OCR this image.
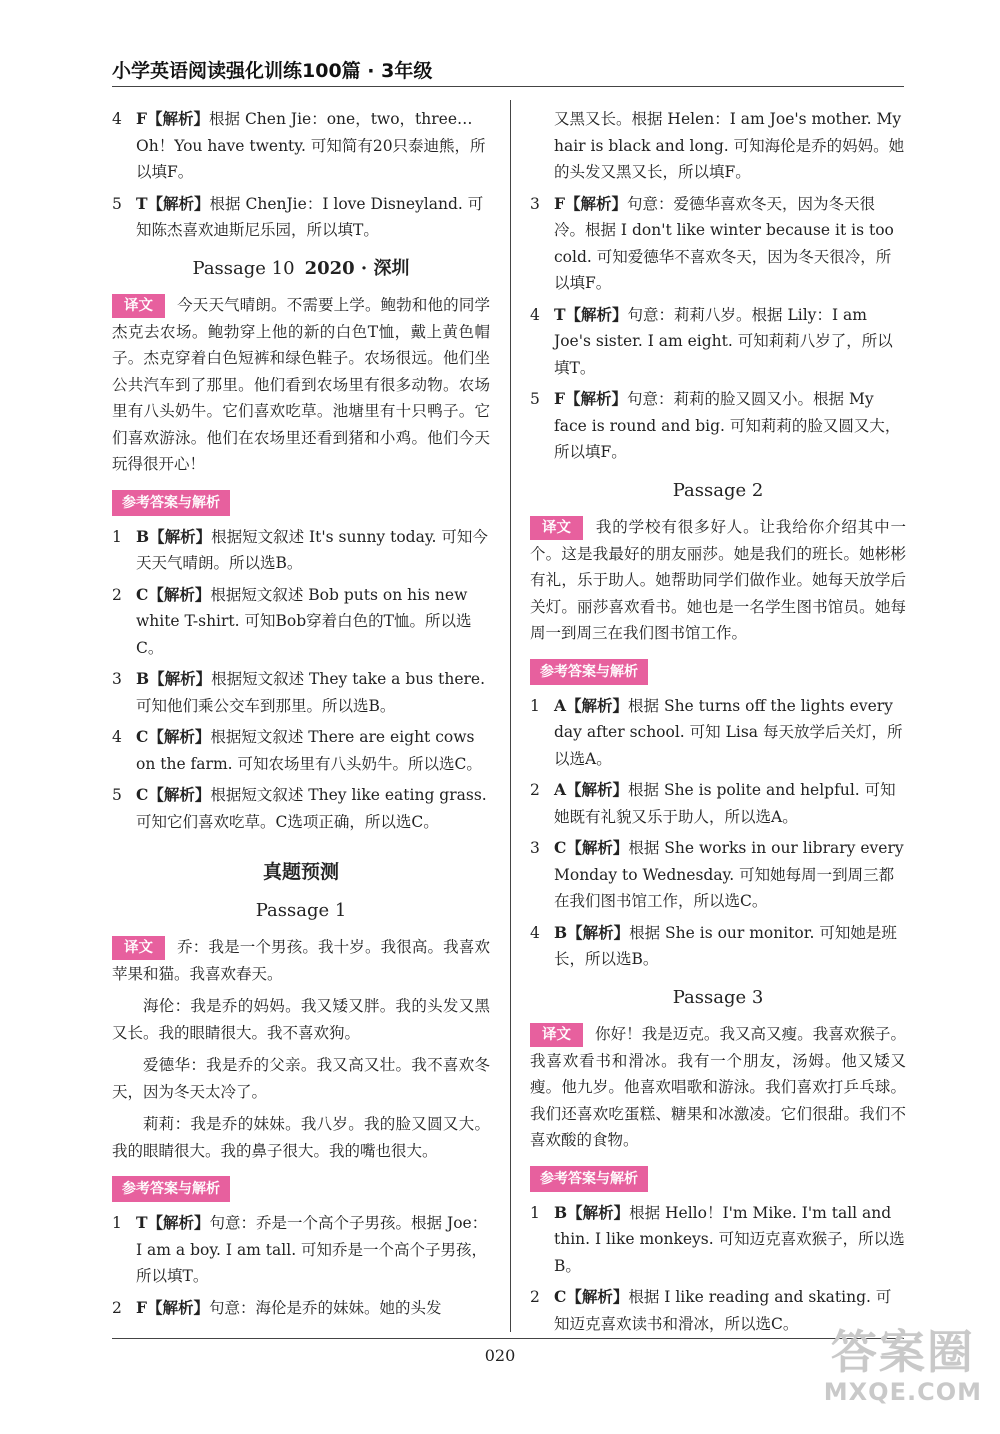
小学英语阅读强化训练100篇 · 3年级
4 F【解析】根据 Chen Jie：one，two，three… Oh！You have twenty. 可知简有20只泰迪熊，所以填F。
5 T【解析】根据 ChenJie：I love Disneyland. 可知陈杰喜欢迪斯尼乐园，所以填T。
Passage 10 2020 · 深圳
译文 今天天气晴朗。不需要上学。鲍勃和他的同学杰克去农场。鲍勃穿上他的新的白色T恤，戴上黄色帽子。杰克穿着白色短裤和绿色鞋子。农场很远。他们坐公共汽车到了那里。他们看到农场里有很多动物。农场里有八头奶牛。它们喜欢吃草。池塘里有十只鸭子。它们喜欢游泳。他们在农场里还看到猪和小鸡。他们今天玩得很开心！
参考答案与解析
1 B【解析】根据短文叙述 It's sunny today. 可知今天天气晴朗。所以选B。
2 C【解析】根据短文叙述 Bob puts on his new white T-shirt. 可知Bob穿着白色的T恤。所以选C。
3 B【解析】根据短文叙述 They take a bus there. 可知他们乘公交车到那里。所以选B。
4 C【解析】根据短文叙述 There are eight cows on the farm. 可知农场里有八头奶牛。所以选C。
5 C【解析】根据短文叙述 They like eating grass. 可知它们喜欢吃草。C选项正确，所以选C。
真题预测
Passage 1
译文 乔：我是一个男孩。我十岁。我很高。我喜欢苹果和猫。我喜欢春天。
海伦：我是乔的妈妈。我又矮又胖。我的头发又黑又长。我的眼睛很大。我不喜欢狗。
爱德华：我是乔的父亲。我又高又壮。我不喜欢冬天，因为冬天太冷了。
莉莉：我是乔的妹妹。我八岁。我的脸又圆又大。我的眼睛很大。我的鼻子很大。我的嘴也很大。
参考答案与解析
1 T【解析】句意：乔是一个高个子男孩。根据 Joe：I am a boy. I am tall. 可知乔是一个高个子男孩，所以填T。
2 F【解析】句意：海伦是乔的妹妹。她的头发
又黑又长。根据 Helen：I am Joe's mother. My hair is black and long. 可知海伦是乔的妈妈。她的头发又黑又长，所以填F。
3 F【解析】句意：爱德华喜欢冬天，因为冬天很冷。根据 I don't like winter because it is too cold. 可知爱德华不喜欢冬天，因为冬天很冷，所以填F。
4 T【解析】句意：莉莉八岁。根据 Lily：I am Joe's sister. I am eight. 可知莉莉八岁了，所以填T。
5 F【解析】句意：莉莉的脸又圆又小。根据 My face is round and big. 可知莉莉的脸又圆又大，所以填F。
Passage 2
译文 我的学校有很多好人。让我给你介绍其中一个。这是我最好的朋友丽莎。她是我们的班长。她彬彬有礼，乐于助人。她帮助同学们做作业。她每天放学后关灯。丽莎喜欢看书。她也是一名学生图书馆员。她每周一到周三在我们图书馆工作。
参考答案与解析
1 A【解析】根据 She turns off the lights every day after school. 可知 Lisa 每天放学后关灯，所以选A。
2 A【解析】根据 She is polite and helpful. 可知她既有礼貌又乐于助人，所以选A。
3 C【解析】根据 She works in our library every Monday to Wednesday. 可知她每周一到周三都在我们图书馆工作，所以选C。
4 B【解析】根据 She is our monitor. 可知她是班长，所以选B。
Passage 3
译文 你好！我是迈克。我又高又瘦。我喜欢猴子。我喜欢看书和滑冰。我有一个朋友，汤姆。他又矮又瘦。他九岁。他喜欢唱歌和游泳。我们喜欢打乒乓球。我们还喜欢吃蛋糕、糖果和冰激凌。它们很甜。我们不喜欢酸的食物。
参考答案与解析
1 B【解析】根据 Hello！I'm Mike. I'm tall and thin. I like monkeys. 可知迈克喜欢猴子，所以选B。
2 C【解析】根据 I like reading and skating. 可知迈克喜欢读书和滑冰，所以选C。
020	答案圈
MXQE.COM
